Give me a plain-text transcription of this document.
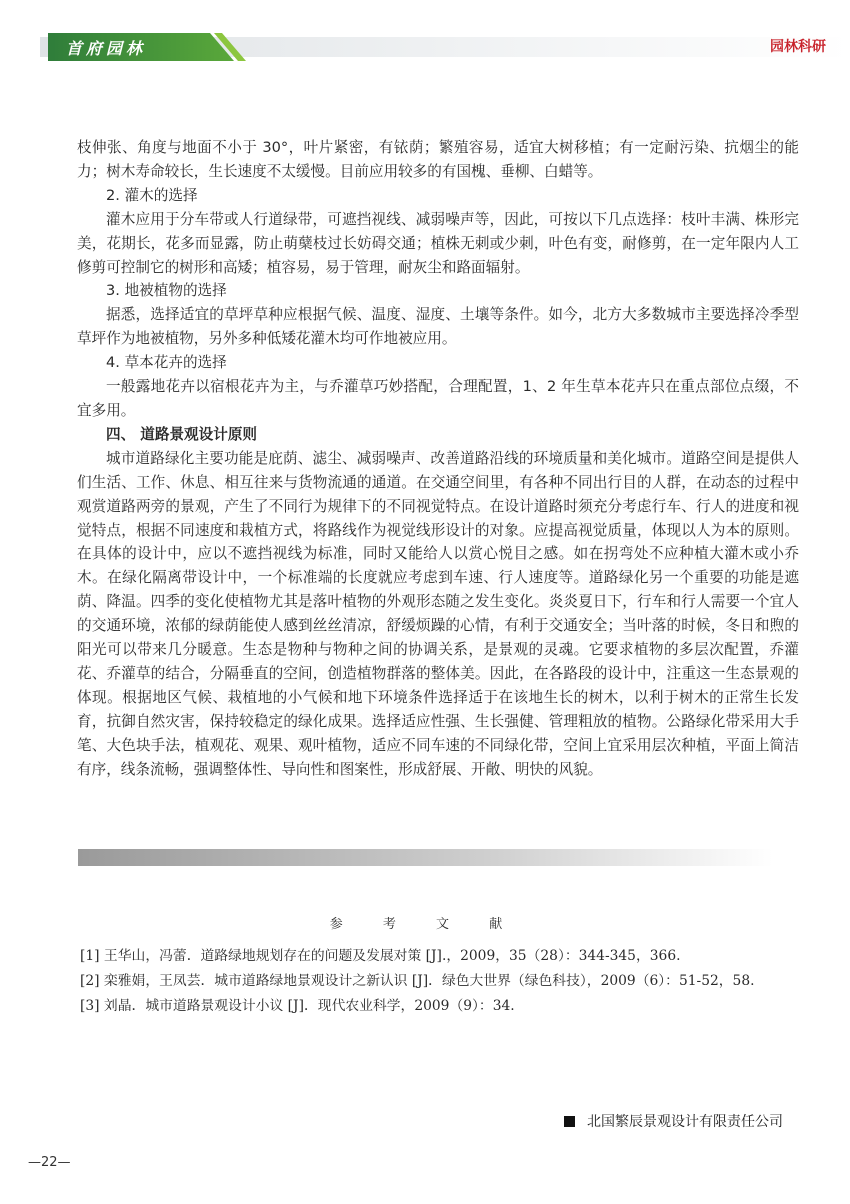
首府园林	园林科研

枝伸张、角度与地面不小于 30°，叶片紧密，有铱荫；繁殖容易，适宜大树移植；有一定耐污染、抗烟尘的能力；树木寿命较长，生长速度不太缓慢。目前应用较多的有国槐、垂柳、白蜡等。

2. 灌木的选择

灌木应用于分车带或人行道绿带，可遮挡视线、减弱噪声等，因此，可按以下几点选择：枝叶丰满、株形完美，花期长，花多而显露，防止萌蘖枝过长妨碍交通；植株无刺或少刺，叶色有变，耐修剪，在一定年限内人工修剪可控制它的树形和高矮；植容易，易于管理，耐灰尘和路面辐射。

3. 地被植物的选择

据悉，选择适宜的草坪草种应根据气候、温度、湿度、土壤等条件。如今，北方大多数城市主要选择冷季型草坪作为地被植物，另外多种低矮花灌木均可作地被应用。

4. 草本花卉的选择

一般露地花卉以宿根花卉为主，与乔灌草巧妙搭配，合理配置，1、2 年生草本花卉只在重点部位点缀，不宜多用。

四、 道路景观设计原则

城市道路绿化主要功能是庇荫、滤尘、减弱噪声、改善道路沿线的环境质量和美化城市。道路空间是提供人们生活、工作、休息、相互往来与货物流通的通道。在交通空间里，有各种不同出行目的人群，在动态的过程中观赏道路两旁的景观，产生了不同行为规律下的不同视觉特点。在设计道路时须充分考虑行车、行人的进度和视觉特点，根据不同速度和栽植方式，将路线作为视觉线形设计的对象。应提高视觉质量，体现以人为本的原则。在具体的设计中，应以不遮挡视线为标准，同时又能给人以赏心悦目之感。如在拐弯处不应种植大灌木或小乔木。在绿化隔离带设计中，一个标准端的长度就应考虑到车速、行人速度等。道路绿化另一个重要的功能是遮荫、降温。四季的变化使植物尤其是落叶植物的外观形态随之发生变化。炎炎夏日下，行车和行人需要一个宜人的交通环境，浓郁的绿荫能使人感到丝丝清凉，舒缓烦躁的心情，有利于交通安全；当叶落的时候，冬日和煦的阳光可以带来几分暖意。生态是物种与物种之间的协调关系，是景观的灵魂。它要求植物的多层次配置，乔灌花、乔灌草的结合，分隔垂直的空间，创造植物群落的整体美。因此，在各路段的设计中，注重这一生态景观的体现。根据地区气候、栽植地的小气候和地下环境条件选择适于在该地生长的树木，以利于树木的正常生长发育，抗御自然灾害，保持较稳定的绿化成果。选择适应性强、生长强健、管理粗放的植物。公路绿化带采用大手笔、大色块手法，植观花、观果、观叶植物，适应不同车速的不同绿化带，空间上宜采用层次种植，平面上简洁有序，线条流畅，强调整体性、导向性和图案性，形成舒展、开敞、明快的风貌。

参 考 文 献

[1] 王华山，冯蕾．道路绿地规划存在的问题及发展对策 [J].，2009，35（28）：344-345，366.

[2] 栾雅娟，王凤芸．城市道路绿地景观设计之新认识 [J]．绿色大世界（绿色科技），2009（6）：51-52，58.

[3] 刘晶．城市道路景观设计小议 [J]．现代农业科学，2009（9）：34.

北国繁辰景观设计有限责任公司
—22—
